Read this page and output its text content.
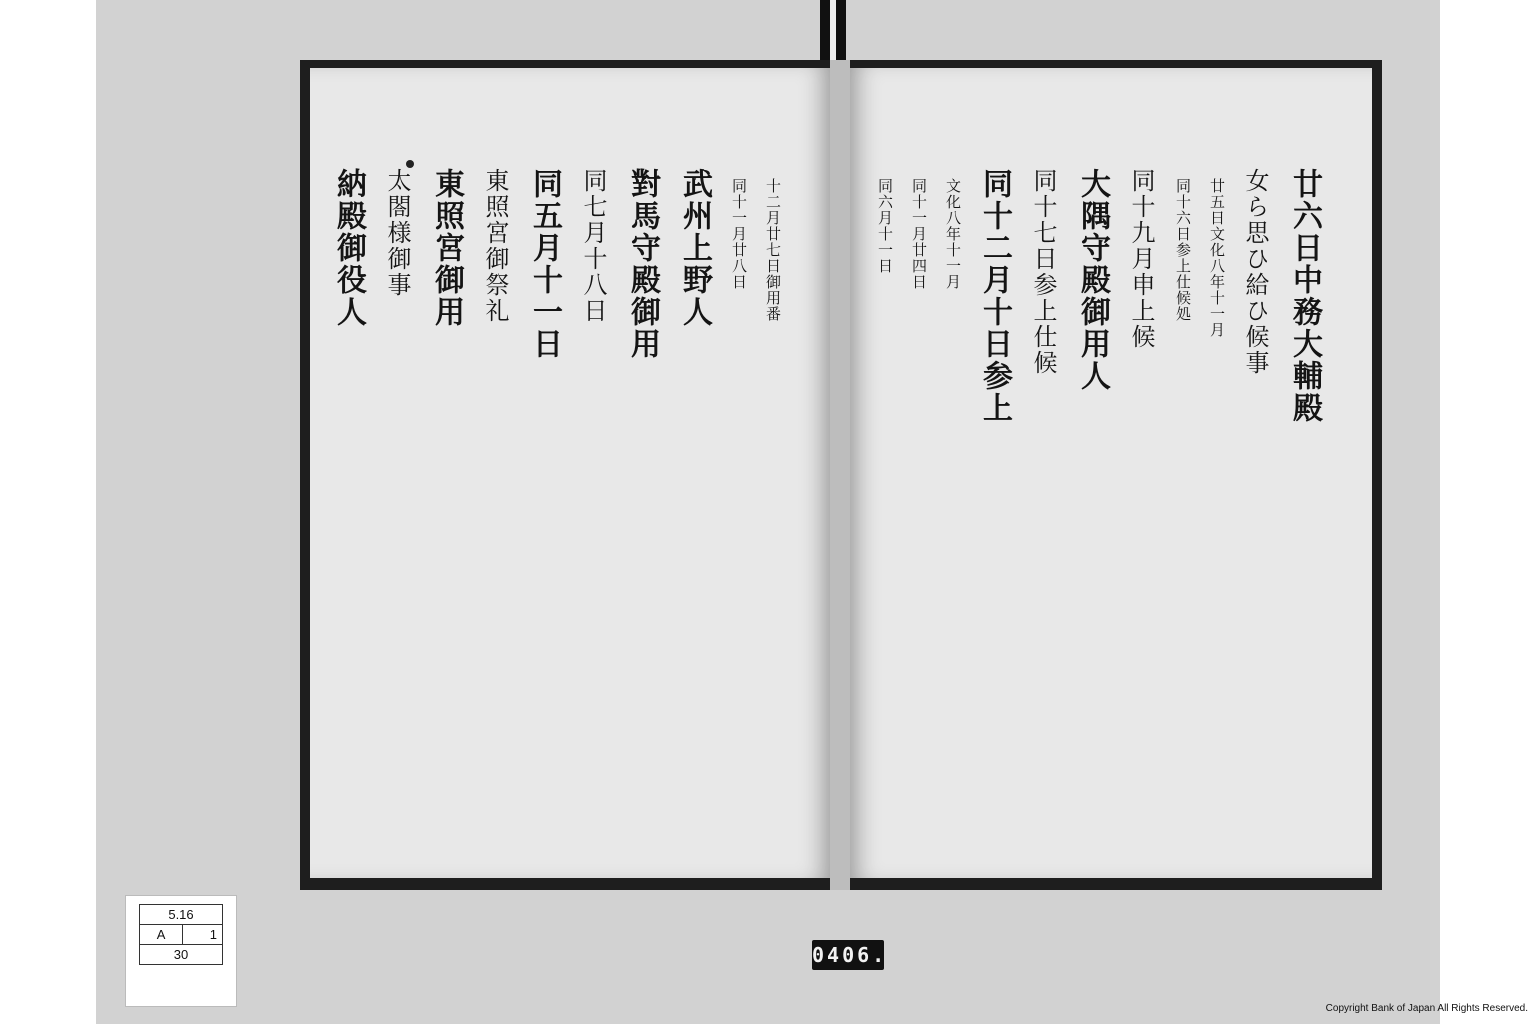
十二月廿七日御用番
同十一月廿八日
武州上野人
對馬守殿御用
同七月十八日
同五月十一日
東照宮御祭礼
東照宮御用
太閤様御事
納殿御役人	廿六日中務大輔殿
女ら思ひ給ひ候事
廿五日文化八年十一月
同十六日参上仕候処
同十九月申上候
大隅守殿御用人
同十七日参上仕候
同十二月十日参上
文化八年十一月
同十一月廿四日
同六月十一日
5.16
A	1
30	0406.
Copyright Bank of Japan All Rights Reserved.
